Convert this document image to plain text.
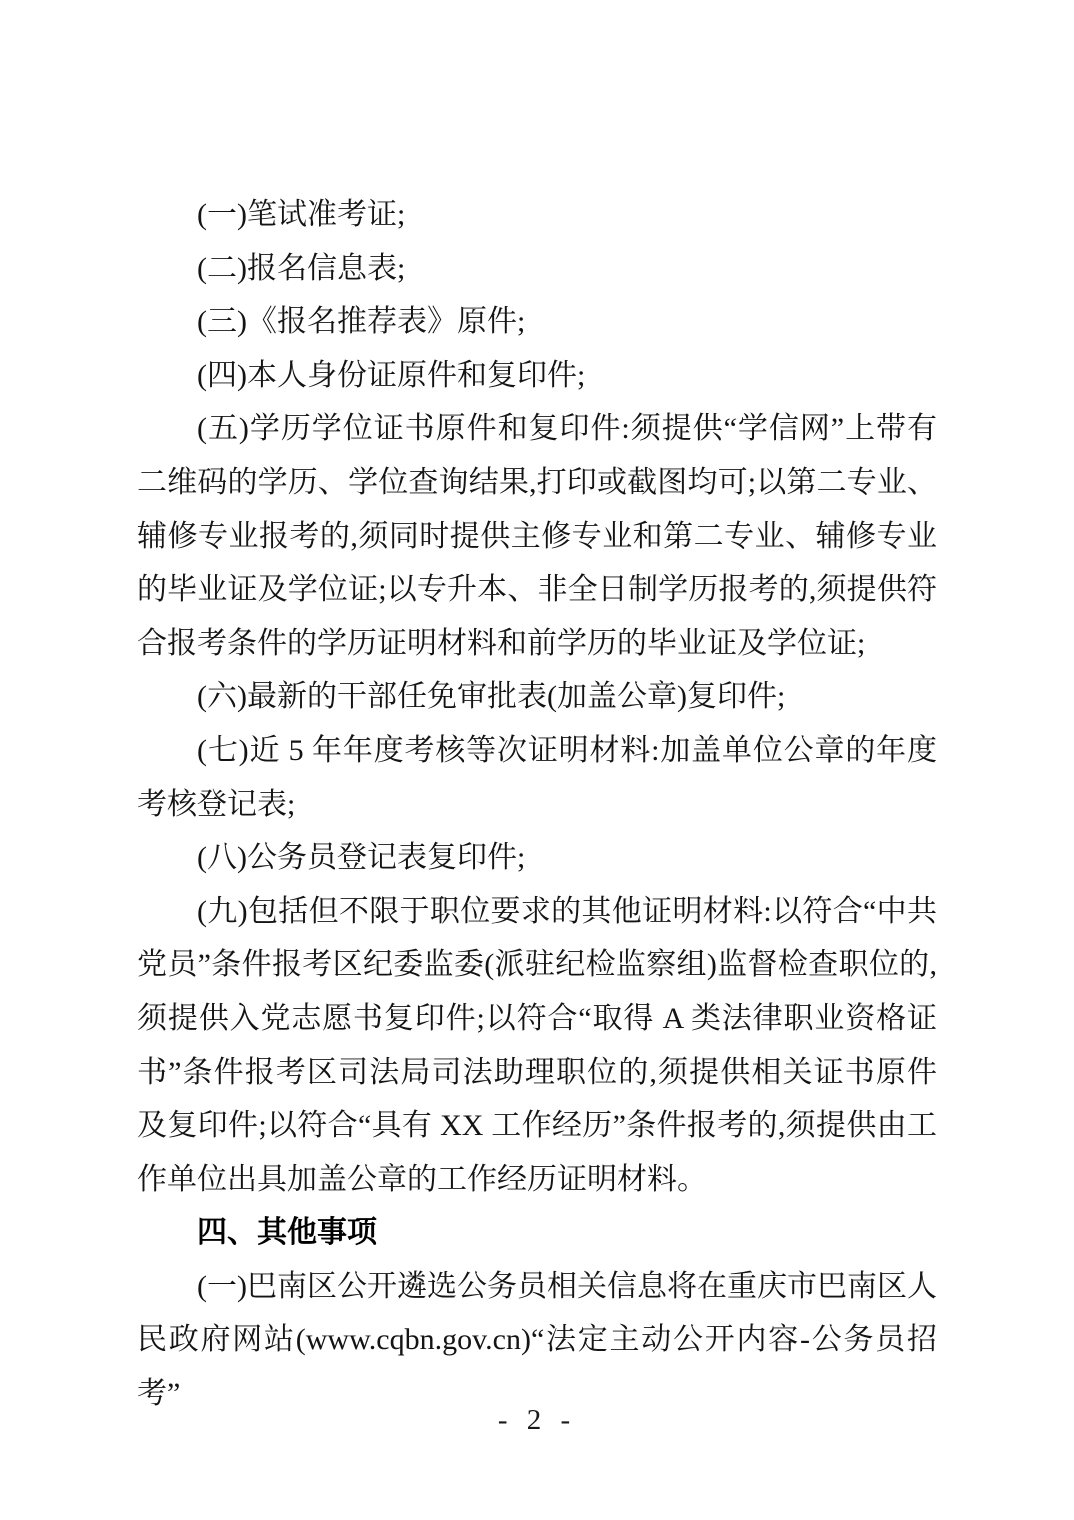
(一)笔试准考证;

(二)报名信息表;

(三)《报名推荐表》原件;

(四)本人身份证原件和复印件;

(五)学历学位证书原件和复印件:须提供“学信网”上带有二维码的学历、学位查询结果,打印或截图均可;以第二专业、辅修专业报考的,须同时提供主修专业和第二专业、辅修专业的毕业证及学位证;以专升本、非全日制学历报考的,须提供符合报考条件的学历证明材料和前学历的毕业证及学位证;

(六)最新的干部任免审批表(加盖公章)复印件;

(七)近 5 年年度考核等次证明材料:加盖单位公章的年度考核登记表;

(八)公务员登记表复印件;

(九)包括但不限于职位要求的其他证明材料:以符合“中共党员”条件报考区纪委监委(派驻纪检监察组)监督检查职位的,须提供入党志愿书复印件;以符合“取得 A 类法律职业资格证书”条件报考区司法局司法助理职位的,须提供相关证书原件及复印件;以符合“具有 XX 工作经历”条件报考的,须提供由工作单位出具加盖公章的工作经历证明材料。

四、其他事项

(一)巴南区公开遴选公务员相关信息将在重庆市巴南区人民政府网站(www.cqbn.gov.cn)“法定主动公开内容-公务员招考”

- 2 -
